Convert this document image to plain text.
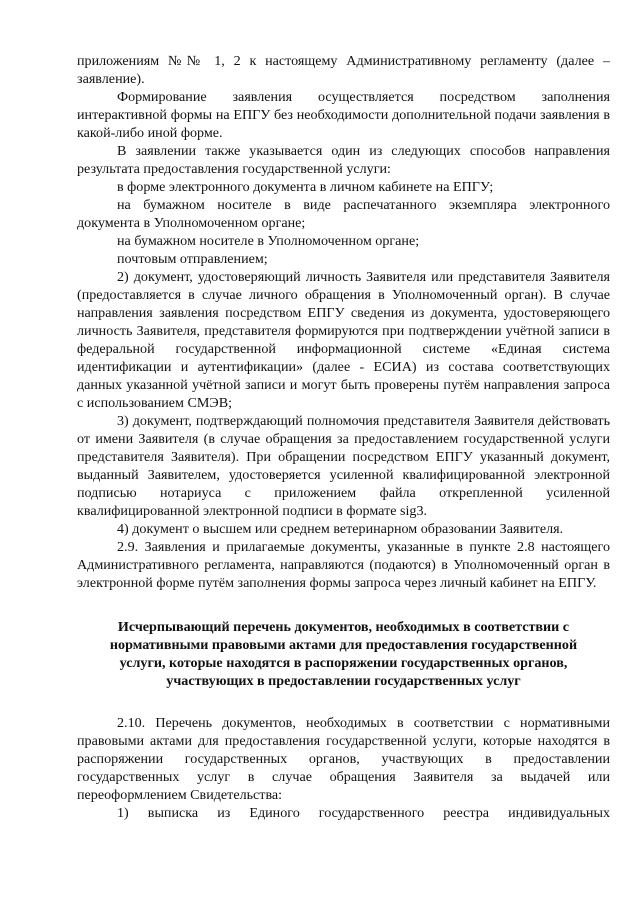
приложениям №№ 1, 2 к настоящему Административному регламенту (далее – заявление).

Формирование заявления осуществляется посредством заполнения интерактивной формы на ЕПГУ без необходимости дополнительной подачи заявления в какой-либо иной форме.

В заявлении также указывается один из следующих способов направления результата предоставления государственной услуги:

в форме электронного документа в личном кабинете на ЕПГУ;

на бумажном носителе в виде распечатанного экземпляра электронного документа в Уполномоченном органе;

на бумажном носителе в Уполномоченном органе;

почтовым отправлением;

2) документ, удостоверяющий личность Заявителя или представителя Заявителя (предоставляется в случае личного обращения в Уполномоченный орган). В случае направления заявления посредством ЕПГУ сведения из документа, удостоверяющего личность Заявителя, представителя формируются при подтверждении учётной записи в федеральной государственной информационной системе «Единая система идентификации и аутентификации» (далее - ЕСИА) из состава соответствующих данных указанной учётной записи и могут быть проверены путём направления запроса с использованием СМЭВ;

3) документ, подтверждающий полномочия представителя Заявителя действовать от имени Заявителя (в случае обращения за предоставлением государственной услуги представителя Заявителя). При обращении посредством ЕПГУ указанный документ, выданный Заявителем, удостоверяется усиленной квалифицированной электронной подписью нотариуса с приложением файла открепленной усиленной квалифицированной электронной подписи в формате sig3.

4) документ о высшем или среднем ветеринарном образовании Заявителя.

2.9. Заявления и прилагаемые документы, указанные в пункте 2.8 настоящего Административного регламента, направляются (подаются) в Уполномоченный орган в электронной форме путём заполнения формы запроса через личный кабинет на ЕПГУ.

Исчерпывающий перечень документов, необходимых в соответствии с
нормативными правовыми актами для предоставления государственной
услуги, которые находятся в распоряжении государственных органов,
участвующих в предоставлении государственных услуг

2.10. Перечень документов, необходимых в соответствии с нормативными правовыми актами для предоставления государственной услуги, которые находятся в распоряжении государственных органов, участвующих в предоставлении государственных услуг в случае обращения Заявителя за выдачей или переоформлением Свидетельства:

1) выписка из Единого государственного реестра индивидуальных
